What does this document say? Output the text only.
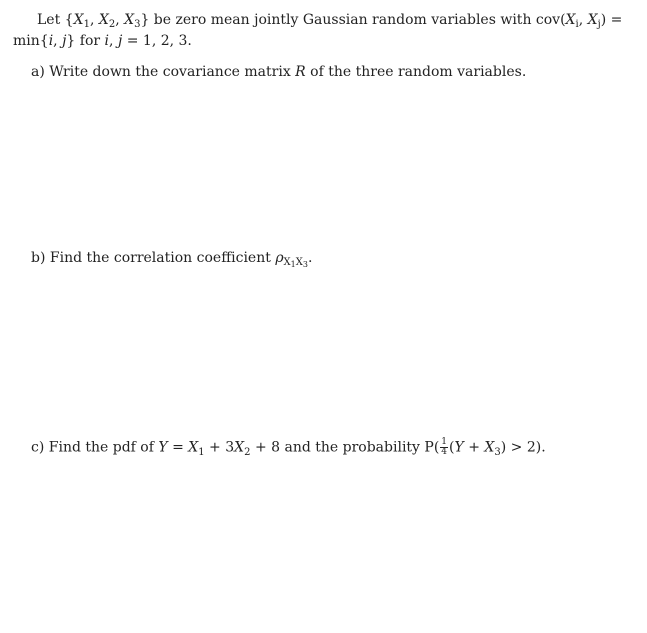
Let {$X_1$, $X_2$, $X_3$} be zero mean jointly Gaussian random variables with $cov(X_i$, $X_j$) =
min{i, j} for i, j = 1, 2, 3.
a) Write down the covariance matrix R of the three random variables.
b) Find the correlation coefficient $\rho_{X_1X_3}$.
c) Find the pdf of $Y = X_1 + 3X_2 + 8$ and the probability $P( \frac{1}{4} (Y + X_3) > 2)$.
